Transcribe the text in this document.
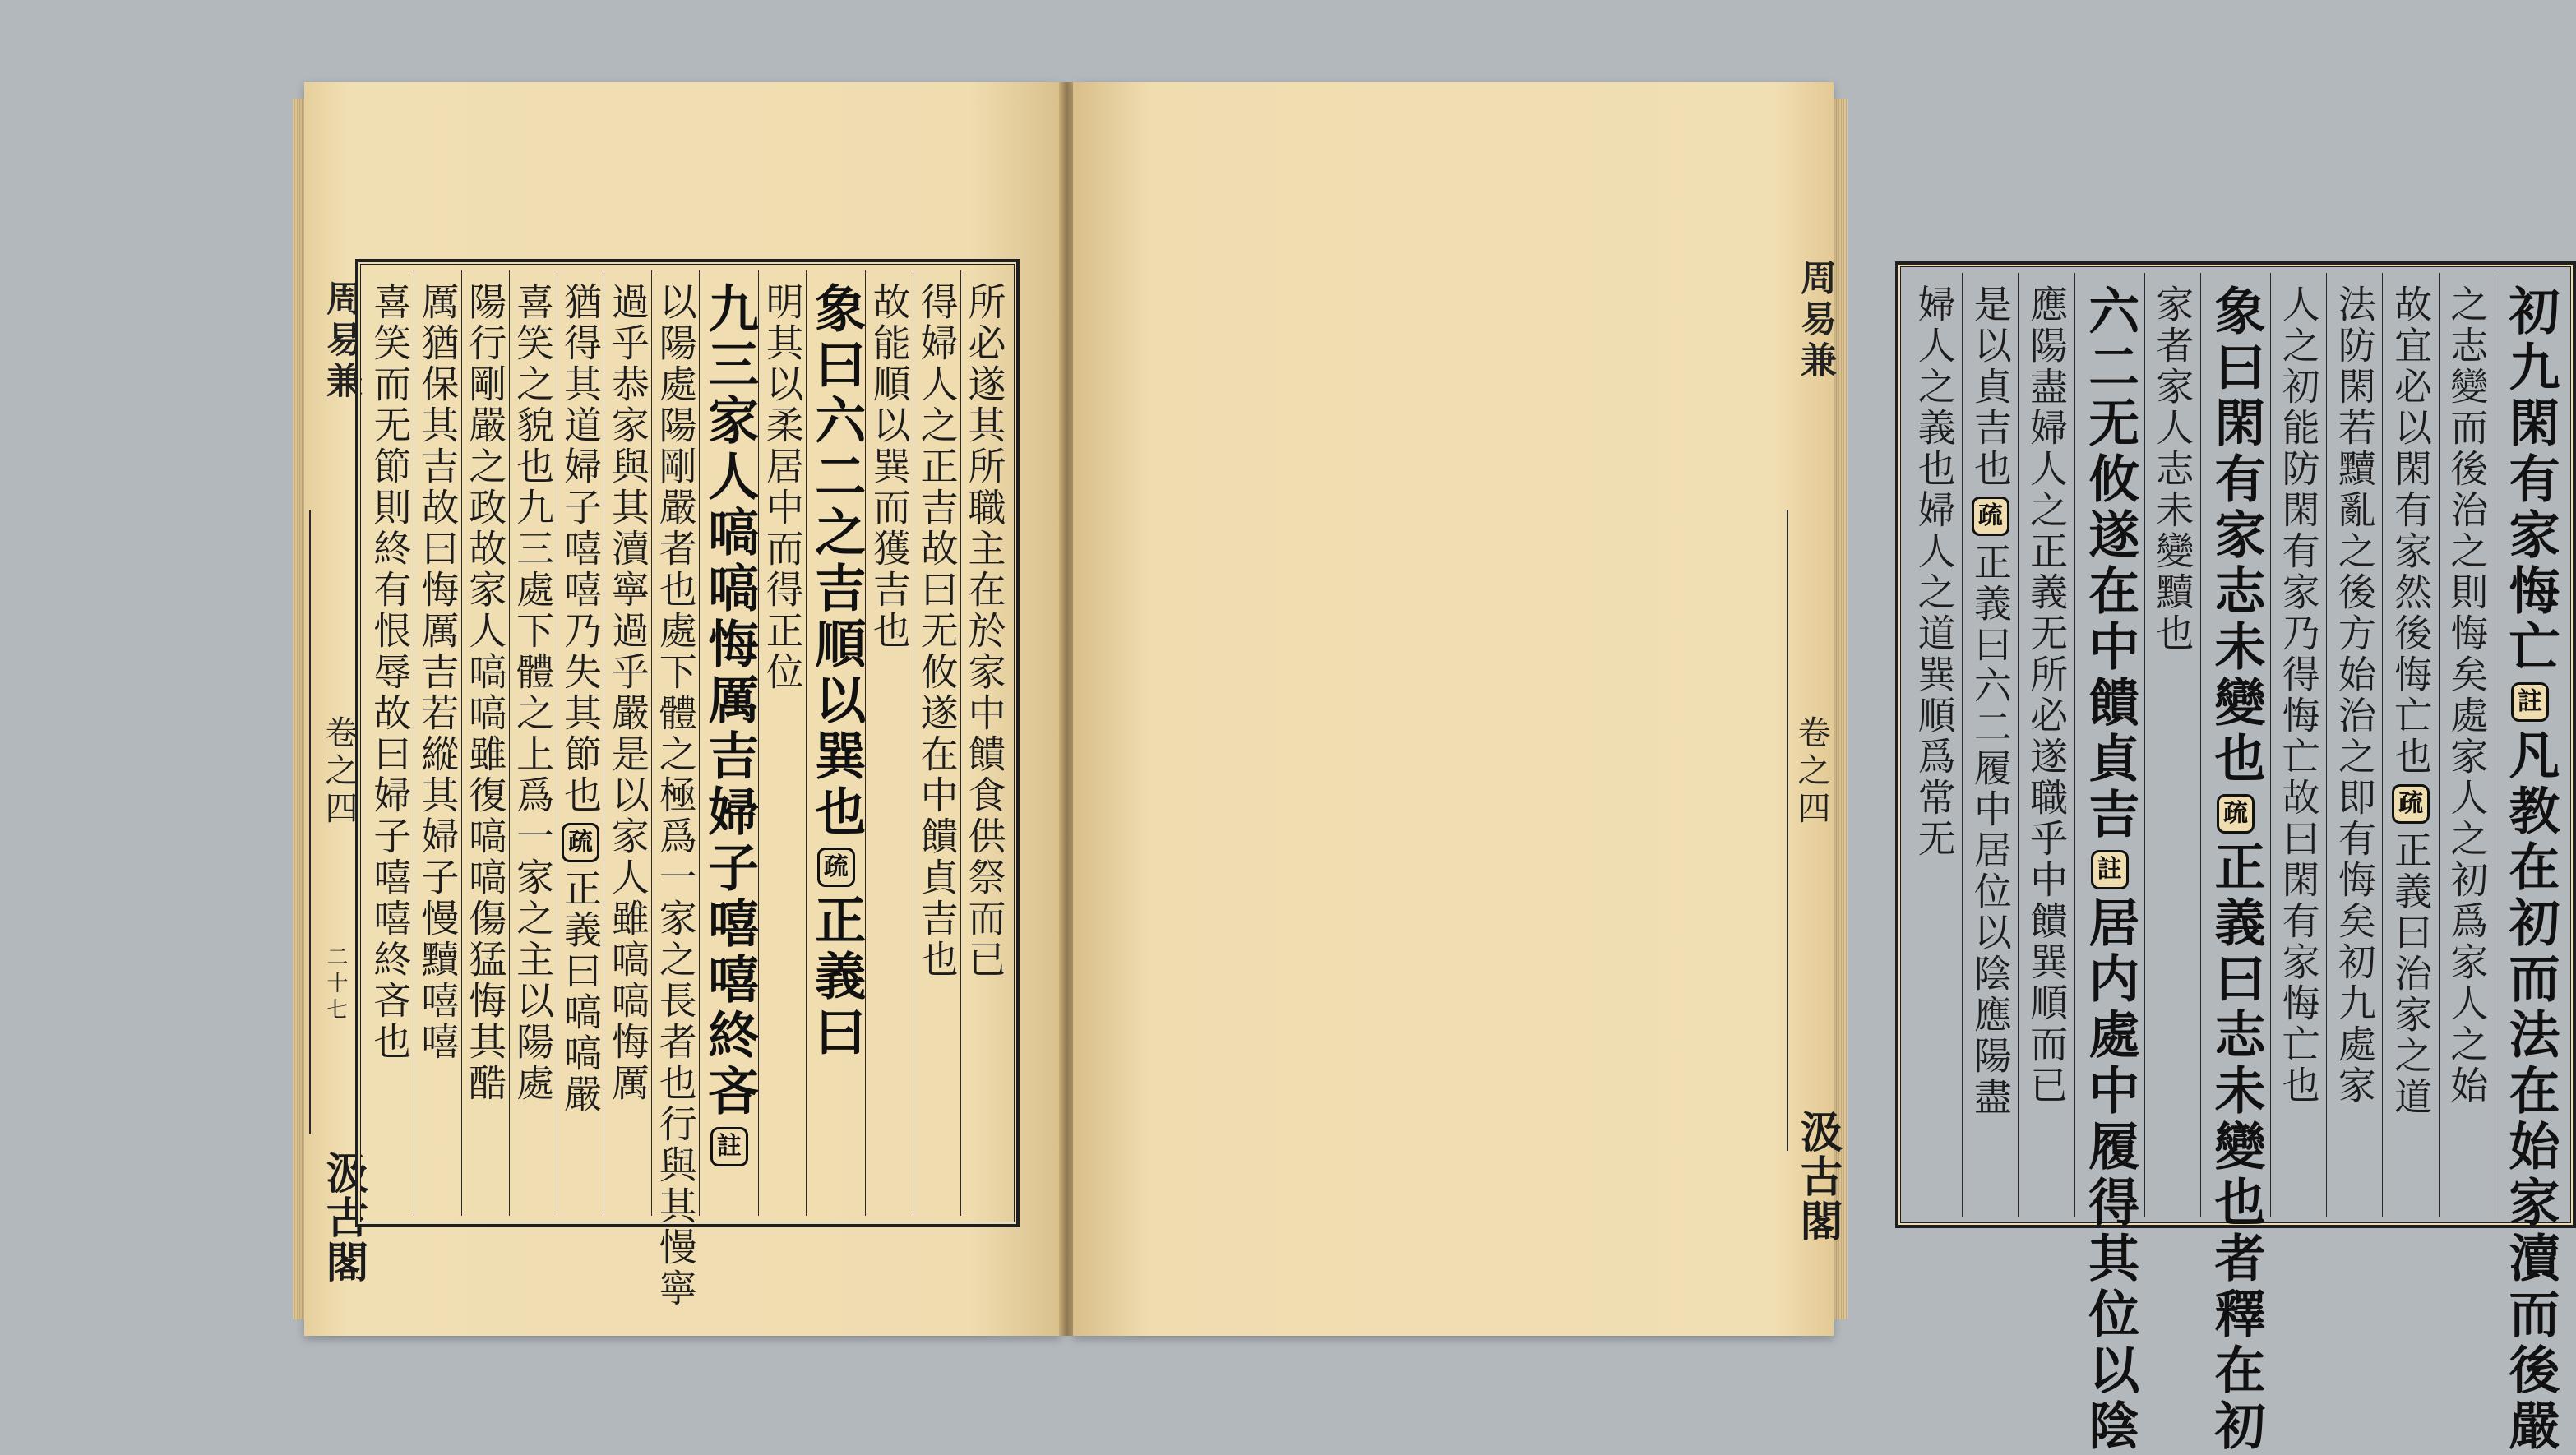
周易兼
卷之四
二十七
汲古閣
所必遂其所職主在於家中饋食供祭而已
得婦人之正吉故曰无攸遂在中饋貞吉也
故能順以巽而獲吉也
象曰六二之吉順以巽也
疏
正義曰
明其以柔居中而得正位
九三家人嗃嗃悔厲吉婦子嘻嘻終吝
註
以陽處陽剛嚴者也處下體之極爲一家之長者也行與其慢寧
過乎恭家與其瀆寧過乎嚴是以家人雖嗃嗃悔厲
猶得其道婦子嘻嘻乃失其節也
疏
正義曰嗃嗃嚴
喜笑之貌也九三處下體之上爲一家之主以陽處
陽行剛嚴之政故家人嗃嗃雖復嗃嗃傷猛悔其酷
厲猶保其吉故曰悔厲吉若縱其婦子慢黷嘻嘻
喜笑而无節則終有恨辱故曰婦子嘻嘻終吝也	周易兼
卷之四
汲古閣
初九閑有家悔亡
註
凡教在初而法在始家瀆而後嚴
之志變而後治之則悔矣處家人之初爲家人之始
故宜必以閑有家然後悔亡也
疏
正義曰治家之道
法防閑若黷亂之後方始治之即有悔矣初九處家
人之初能防閑有家乃得悔亡故曰閑有家悔亡也
象曰閑有家志未變也
疏
正義曰志未變也者釋在初
家者家人志未變黷也
六二无攸遂在中饋貞吉
註
居内處中履得其位以陰
應陽盡婦人之正義无所必遂職乎中饋巽順而已
是以貞吉也
疏
正義曰六二履中居位以陰應陽盡
婦人之義也婦人之道巽順爲常无
